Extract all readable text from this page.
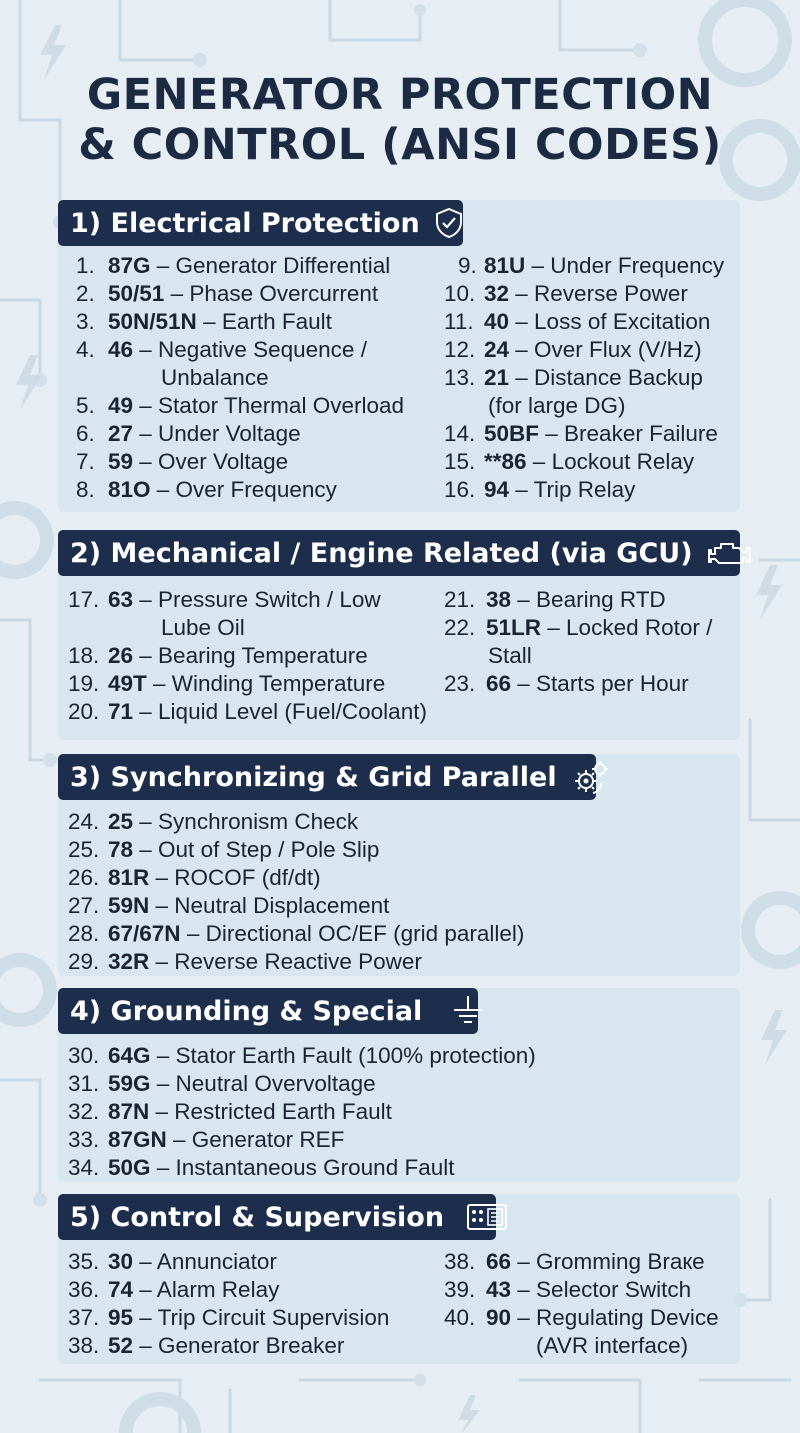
GENERATOR PROTECTION
& CONTROL (ANSI CODES)
1) Electrical Protection
1. 87G – Generator Differential
2. 50/51 – Phase Overcurrent
3. 50N/51N – Earth Fault
4. 46 – Negative Sequence /
Unbalance
5. 49 – Stator Thermal Overload
6. 27 – Under Voltage
7. 59 – Over Voltage
8. 81O – Over Frequency
9. 81U – Under Frequency
10. 32 – Reverse Power
11. 40 – Loss of Excitation
12. 24 – Over Flux (V/Hz)
13. 21 – Distance Backup
(for large DG)
14. 50BF – Breaker Failure
15. **86 – Lockout Relay
16. 94 – Trip Relay
2) Mechanical / Engine Related (via GCU)
17. 63 – Pressure Switch / Low
Lube Oil
18. 26 – Bearing Temperature
19. 49T – Winding Temperature
20. 71 – Liquid Level (Fuel/Coolant)
21. 38 – Bearing RTD
22. 51LR – Locked Rotor /
Stall
23. 66 – Starts per Hour
3) Synchronizing & Grid Parallel
24. 25 – Synchronism Check
25. 78 – Out of Step / Pole Slip
26. 81R – ROCOF (df/dt)
27. 59N – Neutral Displacement
28. 67/67N – Directional OC/EF (grid parallel)
29. 32R – Reverse Reactive Power
4) Grounding & Special
30. 64G – Stator Earth Fault (100% protection)
31. 59G – Neutral Overvoltage
32. 87N – Restricted Earth Fault
33. 87GN – Generator REF
34. 50G – Instantaneous Ground Fault
5) Control & Supervision
35. 30 – Annunciator
36. 74 – Alarm Relay
37. 95 – Trip Circuit Supervision
38. 52 – Generator Breaker
38. 66 – Gromming Braкe
39. 43 – Selector Switch
40. 90 – Regulating Device
(AVR interface)
